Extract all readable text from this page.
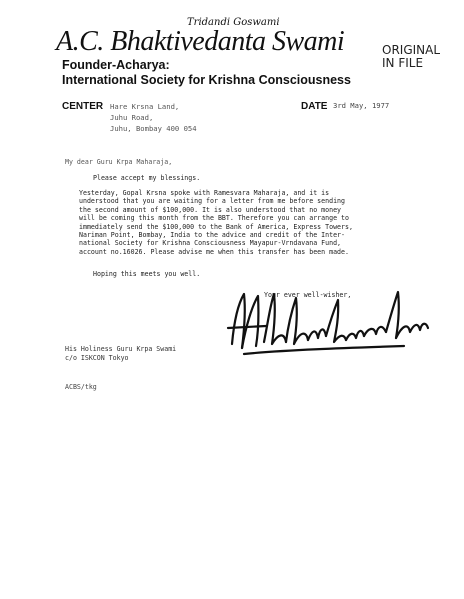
Tridandi Goswami
A.C. Bhaktivedanta Swami	ORIGINAL
IN FILE
Founder-Acharya:
International Society for Krishna Consciousness
CENTER Hare Krsna Land,
Juhu Road,
Juhu, Bombay 400 054
DATE 3rd May, 1977
My dear Guru Krpa Maharaja,
Please accept my blessings.
Yesterday, Gopal Krsna spoke with Ramesvara Maharaja, and it is
understood that you are waiting for a letter from me before sending
the second amount of $100,000. It is also understood that no money
will be coming this month from the BBT. Therefore you can arrange to
immediately send the $100,000 to the Bank of America, Express Towers,
Nariman Point, Bombay, India to the advice and credit of the Inter-
national Society for Krishna Consciousness Mayapur-Vrndavana Fund,
account no.16026. Please advise me when this transfer has been made.
Hoping this meets you well.
Your ever well-wisher,
His Holiness Guru Krpa Swami
c/o ISKCON Tokyo
ACBS/tkg
